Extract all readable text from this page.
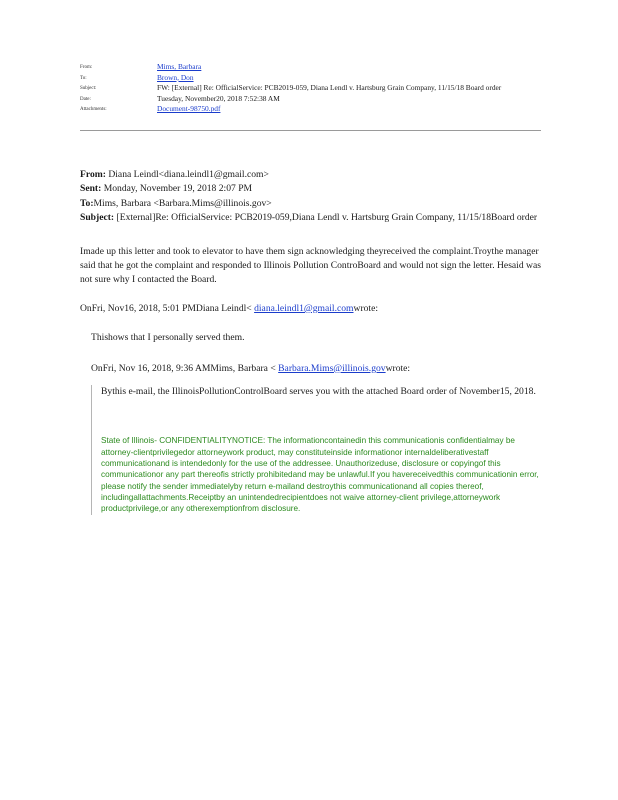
From:	Mims, Barbara
To:	Brown, Don
Subject:	FW: [External] Re: OfficialService: PCB2019-059, Diana Lendl v. Hartsburg Grain Company, 11/15/18 Board order
Date:	Tuesday, November20, 2018 7:52:38 AM
Attachments:	Document-98750.pdf

From: Diana Leindl<diana.leindl1@gmail.com>

Sent: Monday, November 19, 2018 2:07 PM

To:Mims, Barbara <Barbara.Mims@illinois.gov>

Subject: [External]Re: OfficialService: PCB2019-059,Diana Lendl v. Hartsburg Grain Company, 11/15/18Board order

Imade up this letter and took to elevator to have them sign acknowledging theyreceived the complaint.Troythe manager said that he got the complaint and responded to Illinois Pollution ControBoard and would not sign the letter. Hesaid was not sure why I contacted the Board.

OnFri, Nov16, 2018, 5:01 PMDiana Leindl< diana.leindl1@gmail.comwrote:

Thishows that I personally served them.

OnFri, Nov 16, 2018, 9:36 AMMims, Barbara < Barbara.Mims@illinois.govwrote:

Bythis e-mail, the IllinoisPollutionControlBoard serves you with the attached Board order of November15, 2018.

State of Illinois- CONFIDENTIALITYNOTICE: The informationcontainedin this communicationis confidentialmay be attorney-clientprivilegedor attorneywork product, may constituteinside informationor internaldeliberativestaff communicationand is intendedonly for the use of the addressee. Unauthorizeduse, disclosure or copyingof this communicationor any part thereofis strictly prohibitedand may be unlawful.If you havereceivedthis communicationin error, please notify the sender immediatelyby return e-mailand destroythis communicationand all copies thereof, includingallattachments.Receiptby an unintendedrecipientdoes not waive attorney-client privilege,attorneywork productprivilege,or any otherexemptionfrom disclosure.
